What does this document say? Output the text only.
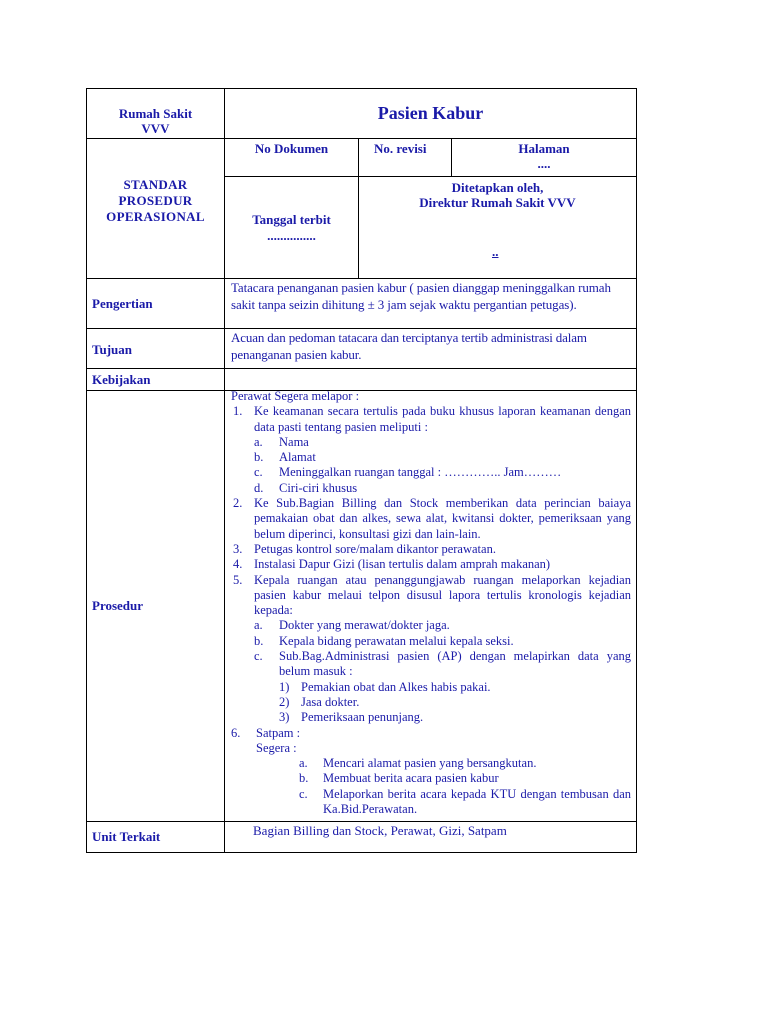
Rumah Sakit
VVV
Pasien Kabur
STANDAR
PROSEDUR
OPERASIONAL
No Dokumen	No. revisi	Halaman
....
Tanggal terbit
...............
Ditetapkan oleh,
Direktur Rumah Sakit VVV
..
Pengertian
Tujuan
Kebijakan
Prosedur
Unit Terkait
Tatacara penanganan pasien kabur ( pasien dianggap meninggalkan rumah sakit tanpa seizin dihitung ± 3 jam sejak waktu pergantian petugas).
Acuan dan pedoman tatacara dan terciptanya tertib administrasi dalam penanganan pasien kabur.
Bagian Billing dan Stock, Perawat, Gizi, Satpam
Perawat Segera melapor :
1. Ke keamanan secara tertulis pada buku khusus laporan keamanan dengan data pasti tentang pasien meliputi :
a. Nama
b. Alamat
c. Meninggalkan ruangan tanggal : ………….. Jam………
d. Ciri-ciri khusus
2. Ke Sub.Bagian Billing dan Stock memberikan data perincian baiaya pemakaian obat dan alkes, sewa alat, kwitansi dokter, pemeriksaan yang belum diperinci, konsultasi gizi dan lain-lain.
3. Petugas kontrol sore/malam dikantor perawatan.
4. Instalasi Dapur Gizi (lisan tertulis dalam amprah makanan)
5. Kepala ruangan atau penanggungjawab ruangan melaporkan kejadian pasien kabur melaui telpon disusul lapora tertulis kronologis kejadian kepada:
a. Dokter yang merawat/dokter jaga.
b. Kepala bidang perawatan melalui kepala seksi.
c. Sub.Bag.Administrasi pasien (AP) dengan melapirkan data yang belum masuk :
1) Pemakian obat dan Alkes habis pakai.
2) Jasa dokter.
3) Pemeriksaan penunjang.
6. Satpam :
Segera :
a. Mencari alamat pasien yang bersangkutan.
b. Membuat berita acara pasien kabur
c. Melaporkan berita acara kepada KTU dengan tembusan dan Ka.Bid.Perawatan.
